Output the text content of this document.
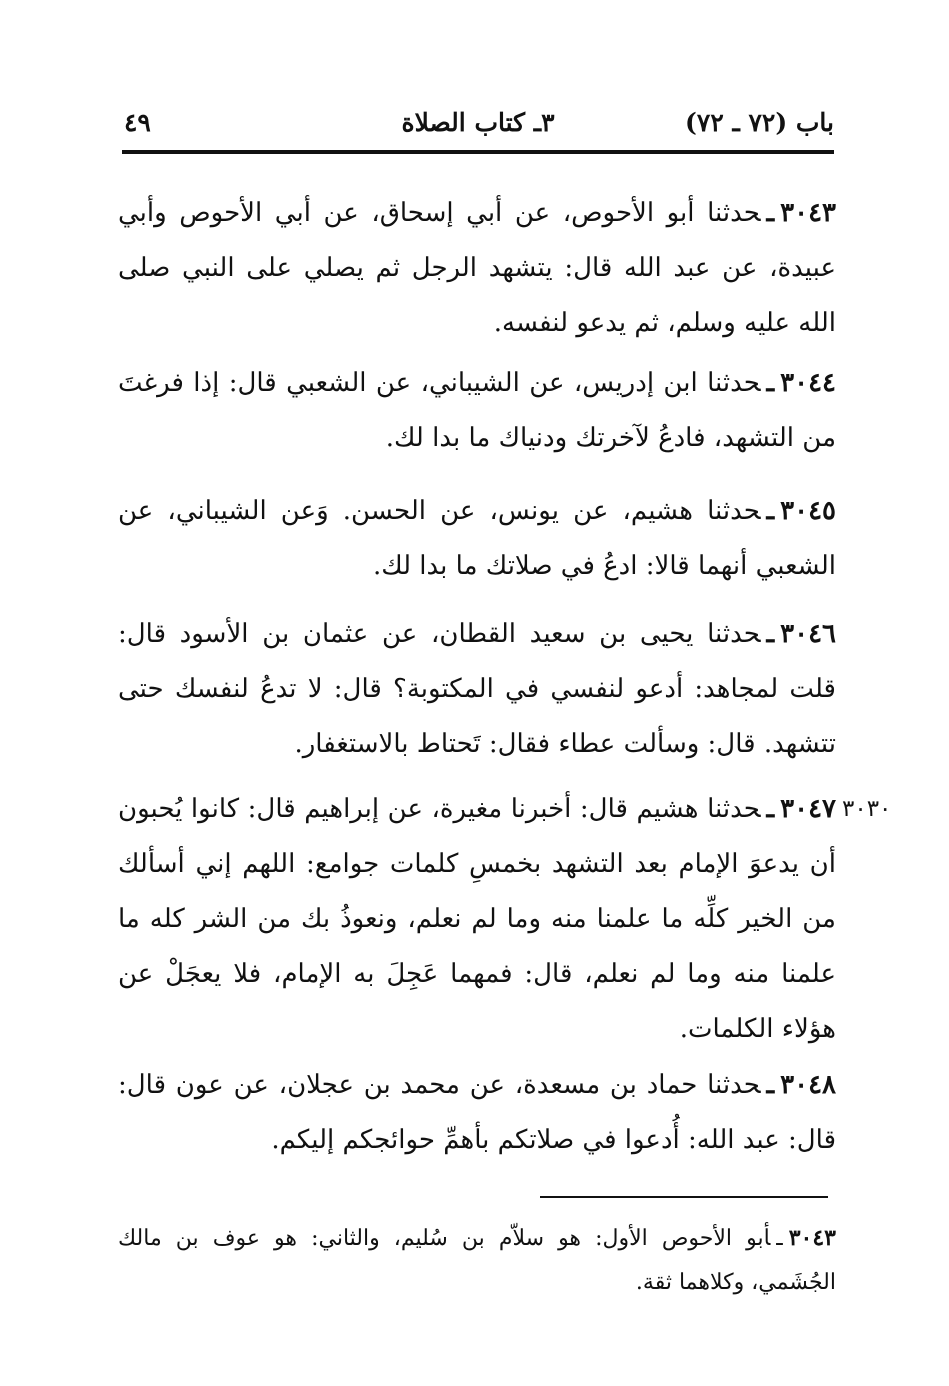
باب (٧٢ ـ ٧٢)
٣ـ كتاب الصلاة
٤٩

٣٠٤٣ـحدثنا أبو الأحوص، عن أبي إسحاق، عن أبي الأحوص وأبي عبيدة، عن عبد الله قال: يتشهد الرجل ثم يصلي على النبي صلى الله عليه وسلم، ثم يدعو لنفسه.

٣٠٤٤ـحدثنا ابن إدريس، عن الشيباني، عن الشعبي قال: إذا فرغتَ من التشهد، فادعُ لآخرتك ودنياك ما بدا لك.

٣٠٤٥ـحدثنا هشيم، عن يونس، عن الحسن. وَعن الشيباني، عن الشعبي أنهما قالا: ادعُ في صلاتك ما بدا لك.

٣٠٤٦ـحدثنا يحيى بن سعيد القطان، عن عثمان بن الأسود قال: قلت لمجاهد: أدعو لنفسي في المكتوبة؟ قال: لا تدعُ لنفسك حتى تتشهد. قال: وسألت عطاء فقال: تَحتاط بالاستغفار.

٣٠٣٠

٣٠٤٧ـحدثنا هشيم قال: أخبرنا مغيرة، عن إبراهيم قال: كانوا يُحبون أن يدعوَ الإمام بعد التشهد بخمسِ كلمات جوامع: اللهم إني أسألك من الخير كلِّه ما علمنا منه وما لم نعلم، ونعوذُ بك من الشر كله ما علمنا منه وما لم نعلم، قال: فمهما عَجِلَ به الإمام، فلا يعجَلْ عن هؤلاء الكلمات.

٣٠٤٨ـحدثنا حماد بن مسعدة، عن محمد بن عجلان، عن عون قال: قال: عبد الله: أُدعوا في صلاتكم بأهمِّ حوائجكم إليكم.

٣٠٤٣ـأبو الأحوص الأول: هو سلاّم بن سُليم، والثاني: هو عوف بن مالك الجُشَمي، وكلاهما ثقة.
